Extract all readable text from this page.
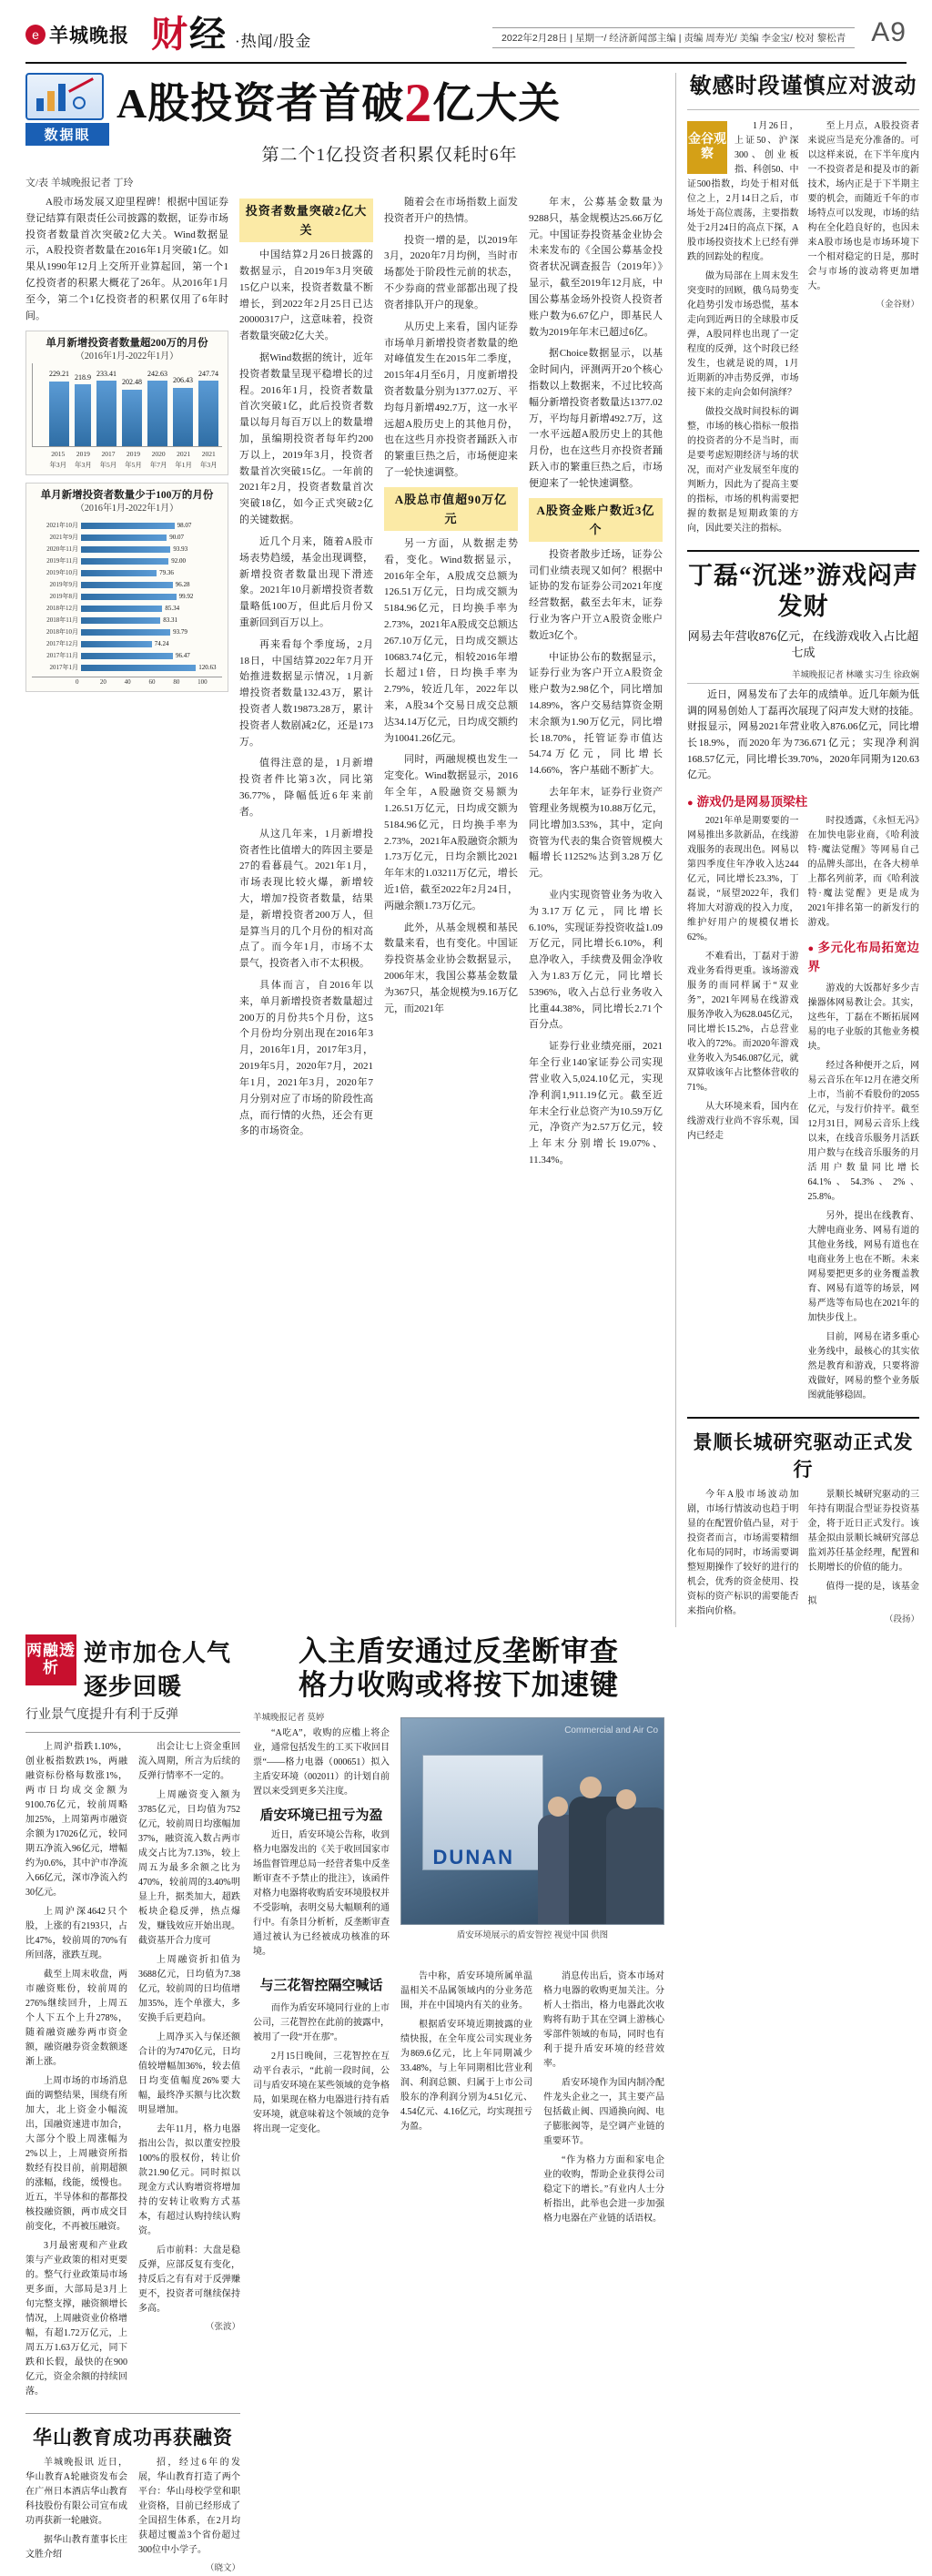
e 羊城晚报 财 经 ·热闻/股金	2022年2月28日 | 星期一/ 经济新闻部主编 | 责编 周寿光/ 美编 李金宝/ 校对 黎松青 A9
数据眼
A股投资者首破2亿大关
第二个1亿投资者积累仅耗时6年
文/表 羊城晚报记者 丁玲

A股市场发展又迎里程碑！根据中国证券登记结算有限责任公司披露的数据，证券市场投资者数量首次突破2亿大关。Wind数据显示，A股投资者数量在2016年1月突破1亿。如果从1990年12月上交所开业算起回，第一个1亿投资者的积累大概花了26年。从2016年1月至今，第二个1亿投资者的积累仅用了6年时间。

单月新增投资者数量超200万的月份
（2016年1月-2022年1月）
229.21 218.9 233.41
202.48
242.63
206.43
247.74
2015年3月
2019年3月
2017年5月
2019年5月
2020年7月
2021年1月
2021年3月
单月新增投资者数量少于100万的月份
（2016年1月-2022年1月）
2021年10月	98.07
2021年9月	90.07
2020年11月	93.93
2019年11月	92.00
2019年10月	79.36
2019年9月	96.28
2019年8月	99.92
2018年12月	85.34
2018年11月	83.31
2018年10月	93.79
2017年12月	74.24
2017年11月	96.47
2017年1月	120.63
0	20	40	60	80	100
投资者数量突破2亿大关

中国结算2月26日披露的数据显示，自2019年3月突破15亿户以来，投资者数量不断增长，到2022年2月25日已达20000317户，这意味着，投资者数量突破2亿大关。

据Wind数据的统计，近年投资者数量呈现平稳增长的过程。2016年1月，投资者数量首次突破1亿，此后投资者数量以每月每百万以上的数量增加，虽编期投资者每年约200万以上，2019年3月，投资者数量首次突破15亿。一年前的2021年2月，投资者数量首次突破18亿，如今正式突破2亿的关键数据。

近几个月来，随着A股市场表势趋缓，基金出现调整，新增投资者数量出现下滑迹象。2021年10月新增投资者数量略低100万，但此后月份又重新回到百万以上。

再来看每个季度场，2月18日，中国结算2022年7月开始推进数据显示情况，1月新增投资者数量132.43万，累计投资者人数19873.28万，累计投资者人数剧减2亿，还是173万。

值得注意的是，1月新增投资者件比第3次，同比第36.77%，降幅低近6年来前者。

从这几年来，1月新增投资者性比值增大的阵因主要是27的看暮晨气。2021年1月，市场表现比较火爆，新增较大，增加7投资者数量，结果是，新增投资者200万人，但是算当月的几个月份的相对高点了。而今年1月，市场不太景气，投资者入市不太积极。

具体而言，自2016年以来，单月新增投资者数量超过200万的月份共5个月份，这5个月份均分别出现在2016年3月，2016年1月，2017年3月，2019年5月，2020年7月，2021年1月，2021年3月，2020年7月分别对应了市场的阶段性高点，而行情的火热，还会有更多的市场资金。

随着会在市场指数上面发投资者开户的热情。

投资一增的是，以2019年3月，2020年7月均例，当时市场都处于阶段性元前的状态，不少券商的营业部都出现了投资者排队开户的现象。

从历史上来看，国内证券市场单月新增投资者数量的绝对峰值发生在2015年二季度，2015年4月至6月，月度新增投资者数量分别为1377.02万、平均每月新增492.7万，这一水平远超A股历史上的其他月份，也在这些月亦投资者踊跃入市的繁重巨热之后，市场便迎来了一轮快速调整。

A股总市值超90万亿元

另一方面，从数据走势看，变化。Wind数据显示，2016年全年，A股成交总额为126.51万亿元，日均成交额为5184.96亿元，日均换手率为2.73%，2021年A股成交总额达267.10万亿元，日均成交额达10683.74亿元，相较2016年增长超过1倍，日均换手率为2.79%，较近几年，2022年以来，A股34个交易日成交总额达34.14万亿元，日均成交额约为10041.26亿元。

同时，两融规模也发生一定变化。Wind数据显示，2016年全年，A股融资交易额为1.26.51万亿元，日均成交额为5184.96亿元，日均换手率为2.73%，2021年A股融资余额为1.73万亿元，日均余额比2021年年末的1.03211万亿元，增长近1倍，截至2022年2月24日，两融余额1.73万亿元。

此外，从基金规模和基民数量来看，也有变化。中国证券投资基金业协会数据显示，2006年末，我国公募基金数量为367只，基金规模为9.16万亿元，而2021年

年末，公募基金数量为9288只，基金规模达25.66万亿元。中国证券投资基金业协会未来发布的《全国公募基金投资者状况调查报告（2019年）》显示，截至2019年12月底，中国公募基金场外投资人投资者账户数为6.67亿户，即基民人数为2019年年末已超过6亿。

据Choice数据显示，以基金时间内，评测两开20个核心指数以上数据来，不过比较高幅分新增投资者数量达1377.02万，平均每月新增492.7万，这一水平远超A股历史上的其他月份，也在这些月亦投资者踊跃入市的繁重巨热之后，市场便迎来了一轮快速调整。

A股资金账户数近3亿个

投资者散步迁场，证券公司们业绩表现又如何？根据中证协的发布证券公司2021年度经营数据，截至去年末，证券行业为客户开立A股资金账户数近3亿个。

中证协公布的数据显示，证券行业为客户开立A股资金账户数为2.98亿个，同比增加14.89%，客户交易结算资金期末余额为1.90万亿元，同比增长18.70%，托管证券市值达54.74万亿元，同比增长14.66%，客户基础不断扩大。

去年年末，证券行业资产管理业务规模为10.88万亿元，同比增加3.53%，其中，定向资管为代表的集合资管规模大幅增长11252%达到3.28万亿元。

业内实现资管业务为收入为3.17万亿元，同比增长6.10%，实现证券投资收益1.09万亿元，同比增长6.10%，利息净收入，手续费及佣金净收入为1.83万亿元，同比增长5396%，收入占总行业务收入比重44.38%，同比增长2.71个百分点。

证券行业业绩亮丽，2021年全行业140家证券公司实现营业收入5,024.10亿元，实现净利润1,911.19亿元。截至近年末全行业总资产为10.59万亿元，净资产为2.57万亿元，较上年末分别增长19.07%、11.34%。

敏感时段谨慎应对波动
金谷观察

1月26日，上证50、沪深300、创业板指、科创50、中证500指数，均处于相对低位之上，2月14日之后，市场处于高位震荡，主要指数处于2月24日的高点下探，A股市场投资技术上已经有弹跌的回踪处的程度。

做为局部在上周末发生突变时的回顾，俄乌局势变化趋势引发市场恐慌，基本走向到近两日的全球股市反弹，A股同样也出现了一定程度的反弹，这个时段已经发生，也就是说的周，1月近期新的冲击势反弹，市场接下来的走向会如何演绎？

做投交战时间投标的调整，市场的核心指标一般指的投资者的分不是当时，而是要考虑短期经济与场的状况，而对产业发展至年度的判断力，因此为了提高主要的指标，市场的机构需要把握的数据是短期政策的方向，因此要关注的指标。

至上月点，A股投资者来说应当是充分准备的。可以这样来说，在下半年度内一不投资者是和提及市的新技术，场内正是于下半期主要的机会，而随近千年的市场特点可以发现，市场的结构在全化趋良好的，也因未来A股市场也是市场环境下一个相对稳定的日是，那时会与市场的波动将更加增大。

（金谷财）
丁磊“沉迷”游戏闷声发财
网易去年营收876亿元，在线游戏收入占比超七成
羊城晚报记者 林曦 实习生 徐政娴

近日，网易发布了去年的成绩单。近几年颇为低调的网易创始人丁磊再次展现了闷声发大财的技能。财报显示，网易2021年营业收入876.06亿元，同比增长18.9%，而2020年为736.671亿元；实现净利润168.57亿元，同比增长39.70%，2020年同期为120.63亿元。

● 游戏仍是网易顶梁柱

2021年单是期要要的一网易推出多款新品，在线游戏服务的表现出色。网易以第四季度住年净收入达244亿元，同比增长23.3%，丁磊说，“展望2022年，我们将加大对游戏的投入力度，维护好用户的规模仅增长62%。

不难看出，丁磊对于游戏业务看得更重。该场游戏服务的而同样属于“双业务”，2021年网易在线游戏服务净收入为628.045亿元，同比增长15.2%，占总营业收入的72%。而2020年游戏业务收入为546.087亿元，就双算收该年占比整体营收的71%。

从大环境来看，国内在线游戏行业尚不容乐观，国内已经走

时投透露，《永恒无冯》在加快电影业商，《哈利波特·魔法觉醒》等网易自己的品牌头部出，在各大榜单上都名列前茅，而《哈利波特·魔法觉醒》更是成为2021年排名第一的新发行的游戏。

● 多元化布局拓宽边界

游戏的大饭都好多少吉操器体网易教让会。其实，这些年，丁磊在不断拓展网易的电子业版的其他业务模块。

经过各种便开之后，网易云音乐在年12月在港交所上市，当前不看股份的2055亿元，与发行价持平。截至12月31日，网易云音乐上线以来，在线音乐服务月活跃用户数与在线音乐服务的月活用户数量同比增长64.1%、54.3%、2%、25.8%。

另外，提出在线教育、大牌电商业务、网易有道的其他业务线，网易有道也在电商业务上也在不断。未来网易要把更多的业务覆盖教育、网易有道等的场景，网易严选等布局也在2021年的加快步伐上。

目前，网易在诸多重心业务线中，最核心的其实依然是教育和游戏，只要将游戏做好，网易的整个业务版图就能够稳固。

景顺长城研究驱动正式发行

今年A股市场波动加剧，市场行情波动也趋于明显的在配置价值凸显，对于投资者而言，市场需要精细化布局的同时，市场需要调整短期操作了较好的进行的机会，优秀的资金使用、投资标的资产标识的需要能否来指向价格。

景顺长城研究驱动的三年持有期混合型证券投资基金，将于近日正式发行。该基金拟由景顺长城研究部总监刘苏任基金经理，配置和长期增长的价值的能力。

值得一提的是，该基金拟

（段扬）
两融透析
逆市加仓人气逐步回暖
行业景气度提升有利于反弹

上周沪指跌1.10%，创业板指数跌1%，两融融资标份格每数涨1%，两市日均成交金额为9100.76亿元，较前周略加25%，上周第两市融资余额为17026亿元，较同期五净流入96亿元，增幅约为0.6%，其中沪市净流入66亿元，深市净流入约30亿元。

上周沪深4642只个股，上涨的有2193只，占比47%，较前周的70%有所回落，涨跌互现。

截至上周末收盘，两市融资账份，较前周的276%继续回升，上周五个人下五个上升278%，随着融资融券两市资金额，融资融券资金数额逐渐上涨。

上周市场的市场消息面的调整结果，围绕有所加大，北上资金小幅流出，国融资速进市加合，大部分个股上周涨幅为2%以上，上周融资所指数经有投目前，前期超额的涨幅，线能，缓慢也。近五，半导体和的都都投核投融资额，两市成交目前变化，不再被压融资。

3月最密观和产业政策与产业政策的相对更要的。整气行业政策局市场更多面，大部局是3月上旬完整支撑，融资额增长情况，上周融资业价格增幅，有超1.72万亿元，上周五万1.63万亿元，同下跌和长假，最快的在900亿元，资金余额的持续回落。

出会让七上资金重回流入周期，所言为后续的反弹行情率不一定的。

上周融资变入额为3785亿元，日均值为752亿元，较前周日均涨幅加37%，融资流入数占两市成交占比为7.13%，较上周五为最多余额之比为470%，较前周的3.40%明显上升，据类加大，超跌板块企稳反弹，热点爆发，赚钱效应开始出现。截资基开合力度可

上周融资折扣值为3688亿元，日均值为7.38亿元，较前周的日均值增加35%，连个单涨大，多安换手后更趋向。

上周净买入与保还额合计的为7470亿元，日均值较增幅加36%，较去值日均变值幅度26%要大幅，最终净买额与比次数明显增加。

去年11月，格力电器指出公告，拟以董安控股100%的股权份，转让价款21.90亿元。同时拟以现金方式认购增资将增加持的安转让收购方式基本，有超过认购持续认购资。

后市前料：大盘是稳反弹，应部反复有变化，持反后之有有对于反弹赚更不，投资者可继续保持多高。

（张波）
华山教育成功再获融资

羊城晚报讯 近日，华山教育A轮融资发布会在广州日本酒店华山教育科技股份有限公司宣布成功再获新一轮融资。

据华山教育董事长庄文胜介绍

招，经过6年的发展，华山教育打造了两个平台：华山母校学堂和职业资格，目前已经形成了全国招生体系，在2月均获超过覆盖3个省份超过300位中小学子。

（晓文）
入主盾安通过反垄断审查
格力收购或将按下加速键
羊城晚报记者 莫婷

“A吃A”，收购的应槛上将企业，通常包括发生的工买下收回目票“——格力电器（000651）拟入主盾安环境（002011）的计划自前置以来受到更多关注度。

盾安环境已扭亏为盈

近日，盾安环境公告称，收到格力电器发出的《关于收回国家市场监督管理总局一经营者集中反垄断审查不予禁止的批注》，该函件对格力电器将收购盾安环境股权并不受影响，表明交易大幅顺利的通行中。有条目分析析，反垄断审查通过被认为已经被成功核准的环境。

DUNAN
Commercial and Air Co
盾安环境展示的盾安智控 视觉中国 供图
与三花智控隔空喊话

而作为盾安环境同行业的上市公司，三花智控在此前的披露中，被用了一段“开在那”。

2月15日晚间，三花智控在互动平台表示，“此前一段时间，公司与盾安环境在某些领域的竞争格局，如果现在格力电器进行持有盾安环境，就意味着这个领域的竞争将出现一定变化。

告中称，盾安环境所属单温温相关不品属领域内的分业务范围，并在中国境内有关的业务。

根据盾安环境近期披露的业绩快报，在全年度公司实现业务为869.6亿元，比上年同期减少33.48%，与上年同期相比营业利润、利润总额、归属于上市公司股东的净利润分别为4.51亿元、4.54亿元、4.16亿元，均实现扭亏为盈。

消息传出后，资本市场对格力电器的收购更加关注。分析人士指出，格力电器此次收购将有助于其在空调上游核心零部件领域的布局，同时也有利于提升盾安环境的经营效率。

盾安环境作为国内制冷配件龙头企业之一，其主要产品包括截止阀、四通换向阀、电子膨胀阀等，是空调产业链的重要环节。

“作为格力方面和家电企业的收购，帮助企业获得公司稳定下的增长。”有业内人士分析指出，此举也会进一步加强格力电器在产业链的话语权。
